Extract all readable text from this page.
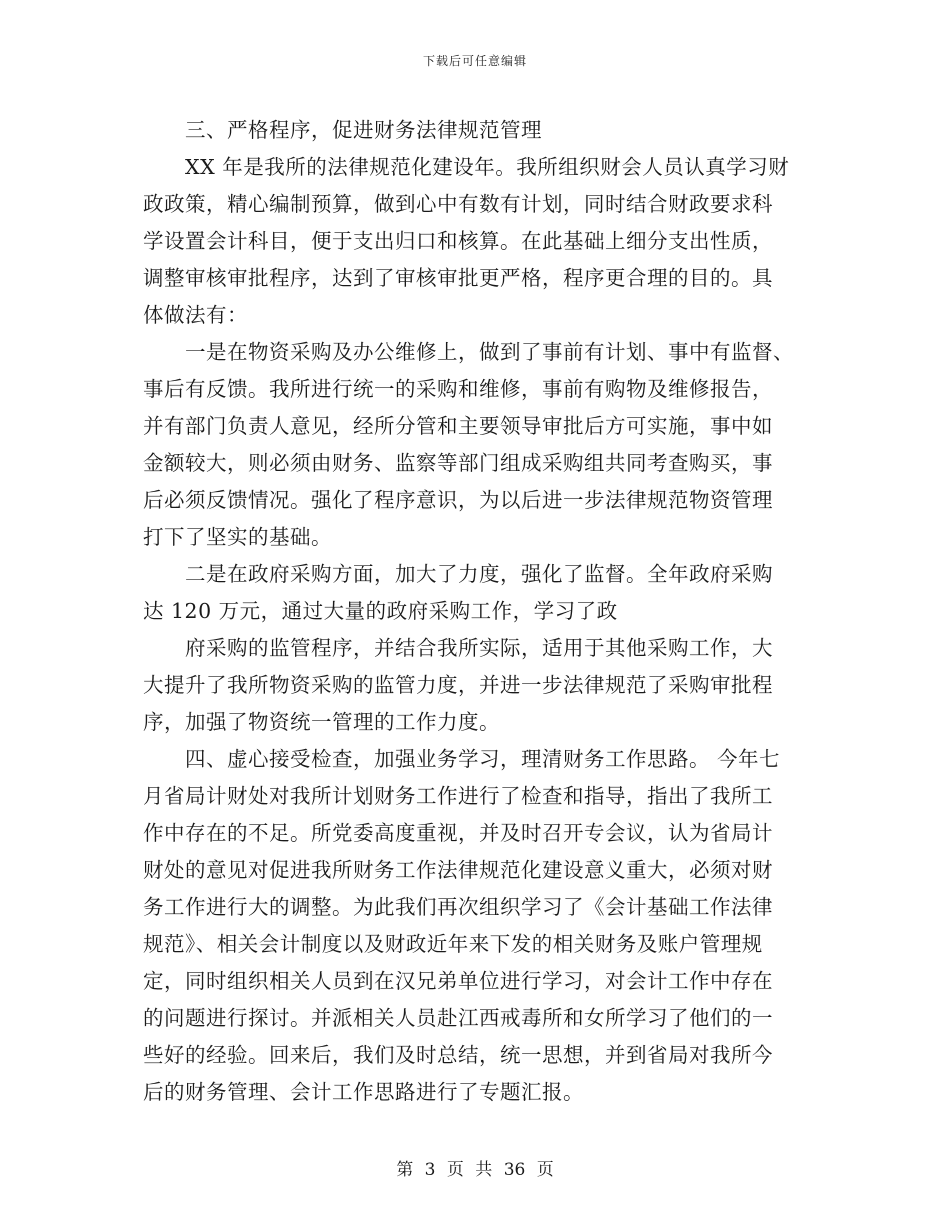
下载后可任意编辑
三、严格程序，促进财务法律规范管理
XX 年是我所的法律规范化建设年。我所组织财会人员认真学习财
政政策，精心编制预算，做到心中有数有计划，同时结合财政要求科
学设置会计科目，便于支出归口和核算。在此基础上细分支出性质，
调整审核审批程序，达到了审核审批更严格，程序更合理的目的。具
体做法有：
一是在物资采购及办公维修上，做到了事前有计划、事中有监督、
事后有反馈。我所进行统一的采购和维修，事前有购物及维修报告，
并有部门负责人意见，经所分管和主要领导审批后方可实施，事中如
金额较大，则必须由财务、监察等部门组成采购组共同考查购买，事
后必须反馈情况。强化了程序意识，为以后进一步法律规范物资管理
打下了坚实的基础。
二是在政府采购方面，加大了力度，强化了监督。全年政府采购
达 120 万元，通过大量的政府采购工作，学习了政
府采购的监管程序，并结合我所实际，适用于其他采购工作，大
大提升了我所物资采购的监管力度，并进一步法律规范了采购审批程
序，加强了物资统一管理的工作力度。
四、虚心接受检查，加强业务学习，理清财务工作思路。 今年七
月省局计财处对我所计划财务工作进行了检查和指导，指出了我所工
作中存在的不足。所党委高度重视，并及时召开专会议，认为省局计
财处的意见对促进我所财务工作法律规范化建设意义重大，必须对财
务工作进行大的调整。为此我们再次组织学习了《会计基础工作法律
规范》、相关会计制度以及财政近年来下发的相关财务及账户管理规
定，同时组织相关人员到在汉兄弟单位进行学习，对会计工作中存在
的问题进行探讨。并派相关人员赴江西戒毒所和女所学习了他们的一
些好的经验。回来后，我们及时总结，统一思想，并到省局对我所今
后的财务管理、会计工作思路进行了专题汇报。
第 3 页 共 36 页
